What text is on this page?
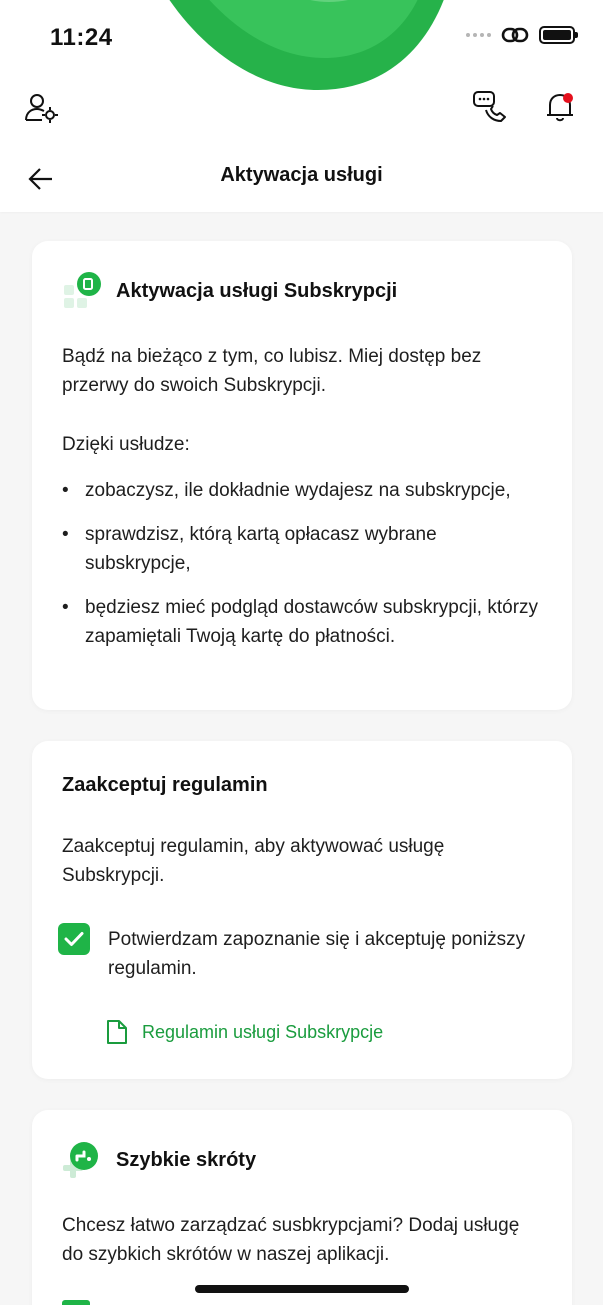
11:24
Aktywacja usługi
Aktywacja usługi Subskrypcji

Bądź na bieżąco z tym, co lubisz. Miej dostęp bez przerwy do swoich Subskrypcji.

Dzięki usłudze:

• zobaczysz, ile dokładnie wydajesz na subskrypcje,
• sprawdzisz, którą kartą opłacasz wybrane subskrypcje,
• będziesz mieć podgląd dostawców subskrypcji, którzy zapamiętali Twoją kartę do płatności.
Zaakceptuj regulamin

Zaakceptuj regulamin, aby aktywować usługę Subskrypcji.

Potwierdzam zapoznanie się i akceptuję poniższy regulamin.

Regulamin usługi Subskrypcje
Szybkie skróty

Chcesz łatwo zarządzać susbkrypcjami? Dodaj usługę do szybkich skrótów w naszej aplikacji.
